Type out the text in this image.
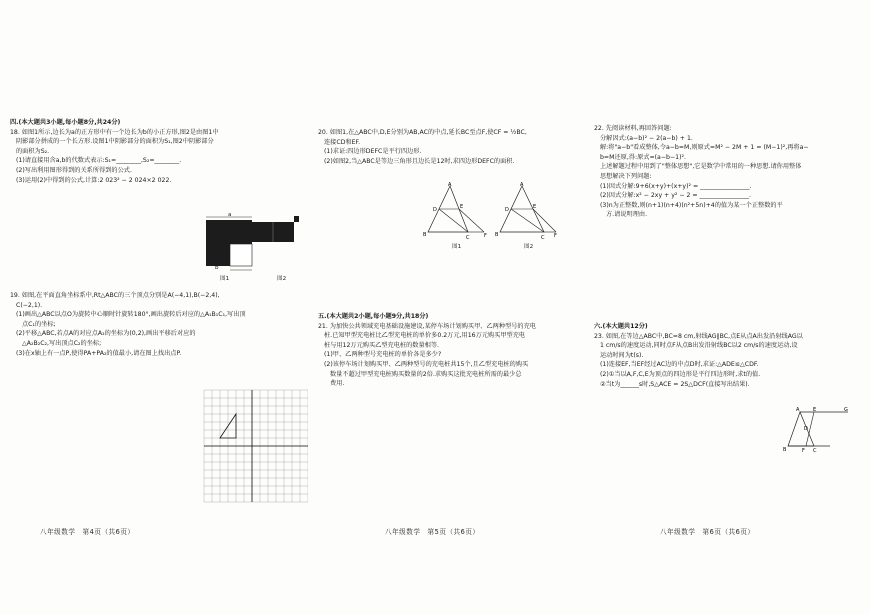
四.(本大题共3小题,每小题8分,共24分)

18. 如图1所示,边长为a的正方形中有一个边长为b的小正方形,图2是由图1中

阴影部分拼成的一个长方形.设图1中阴影部分的面积为S₁,图2中阴影部分

的面积为S₂.

(1)请直接用含a,b的代数式表示:S₁=________,S₂=________.

(2)写出利用图形得到的关系所得到的公式.

(3)运用(2)中得到的公式,计算:2 023² − 2 024×2 022.

a
b
图1	图2

19. 如图,在平面直角坐标系中,Rt△ABC的三个顶点分别是A(−4,1),B(−2,4),

C(−2,1).

(1)画出△ABC以点O为旋转中心顺时针旋转180°,画出旋转后对应的△A₁B₁C₁,写出顶

点C₁的坐标;

(2)平移△ABC,若点A的对应点A₂的坐标为(0,2),画出平移后对应的

△A₂B₂C₂,写出顶点C₂的坐标;

(3)在x轴上有一点P,使得PA+PA₂的值最小,请在图上找出点P.

八年级数学　第4页（共6页）

20. 如图1,在△ABC中,D,E分别为AB,AC的中点,延长BC至点F,使CF = ½BC,

连接CD和EF.

(1)求证:四边形DEFC是平行四边形.

(2)如图2,当△ABC是等边三角形且边长是12时,求四边形DEFC的面积.

A
D	E
B	C	F
A
D	E
B	C F
图1	图2

五.(本大题共2小题,每小题9分,共18分)

21. 为加快公共领域充电基础设施建设,某停车场计划购买甲、乙两种型号的充电

桩.已知甲型充电桩比乙型充电桩的单价多0.2万元,用16万元购买甲型充电

桩与用12万元购买乙型充电桩的数量相等.

(1)甲、乙两种型号充电桩的单价各是多少?

(2)该停车场计划购买甲、乙两种型号的充电桩共15个,且乙型充电桩的购买

数量不超过甲型充电桩购买数量的2倍.求购买这批充电桩所需的最少总

费用.

八年级数学　第5页（共6页）

22. 先阅读材料,再回答问题:

分解因式:(a−b)² − 2(a−b) + 1.

解:将"a−b"看成整体,令a−b=M,则原式=M² − 2M + 1 = (M−1)²,再将a−

b=M还原,得:原式=(a−b−1)².

上述解题过程中用到了"整体思想",它是数学中常用的一种思想.请你用整体

思想解决下列问题:

(1)因式分解:9+6(x+y)+(x+y)² = ________________.

(2)因式分解:x² − 2xy + y² − 2 = ________________.

(3)n为正整数,则(n+1)(n+4)(n²+5n)+4的值为某一个正整数的平

方.请说明理由.

六.(本大题共12分)

23. 如图,在等边△ABC中,BC=8 cm,射线AG∥BC,点E从点A出发沿射线AG以

1 cm/s的速度运动,同时点F从点B出发沿射线BC以2 cm/s的速度运动,设

运动时间为t(s).

(1)连接EF,当EF经过AC边的中点D时,求证:△ADE≌△CDF.

(2)①当以A,F,C,E为顶点的四边形是平行四边形时,求t的值.

②当t为______s时,S△ACE = 2S△DCF(直接写出结果).

A	E	G
D
B	F C

八年级数学　第6页（共6页）
